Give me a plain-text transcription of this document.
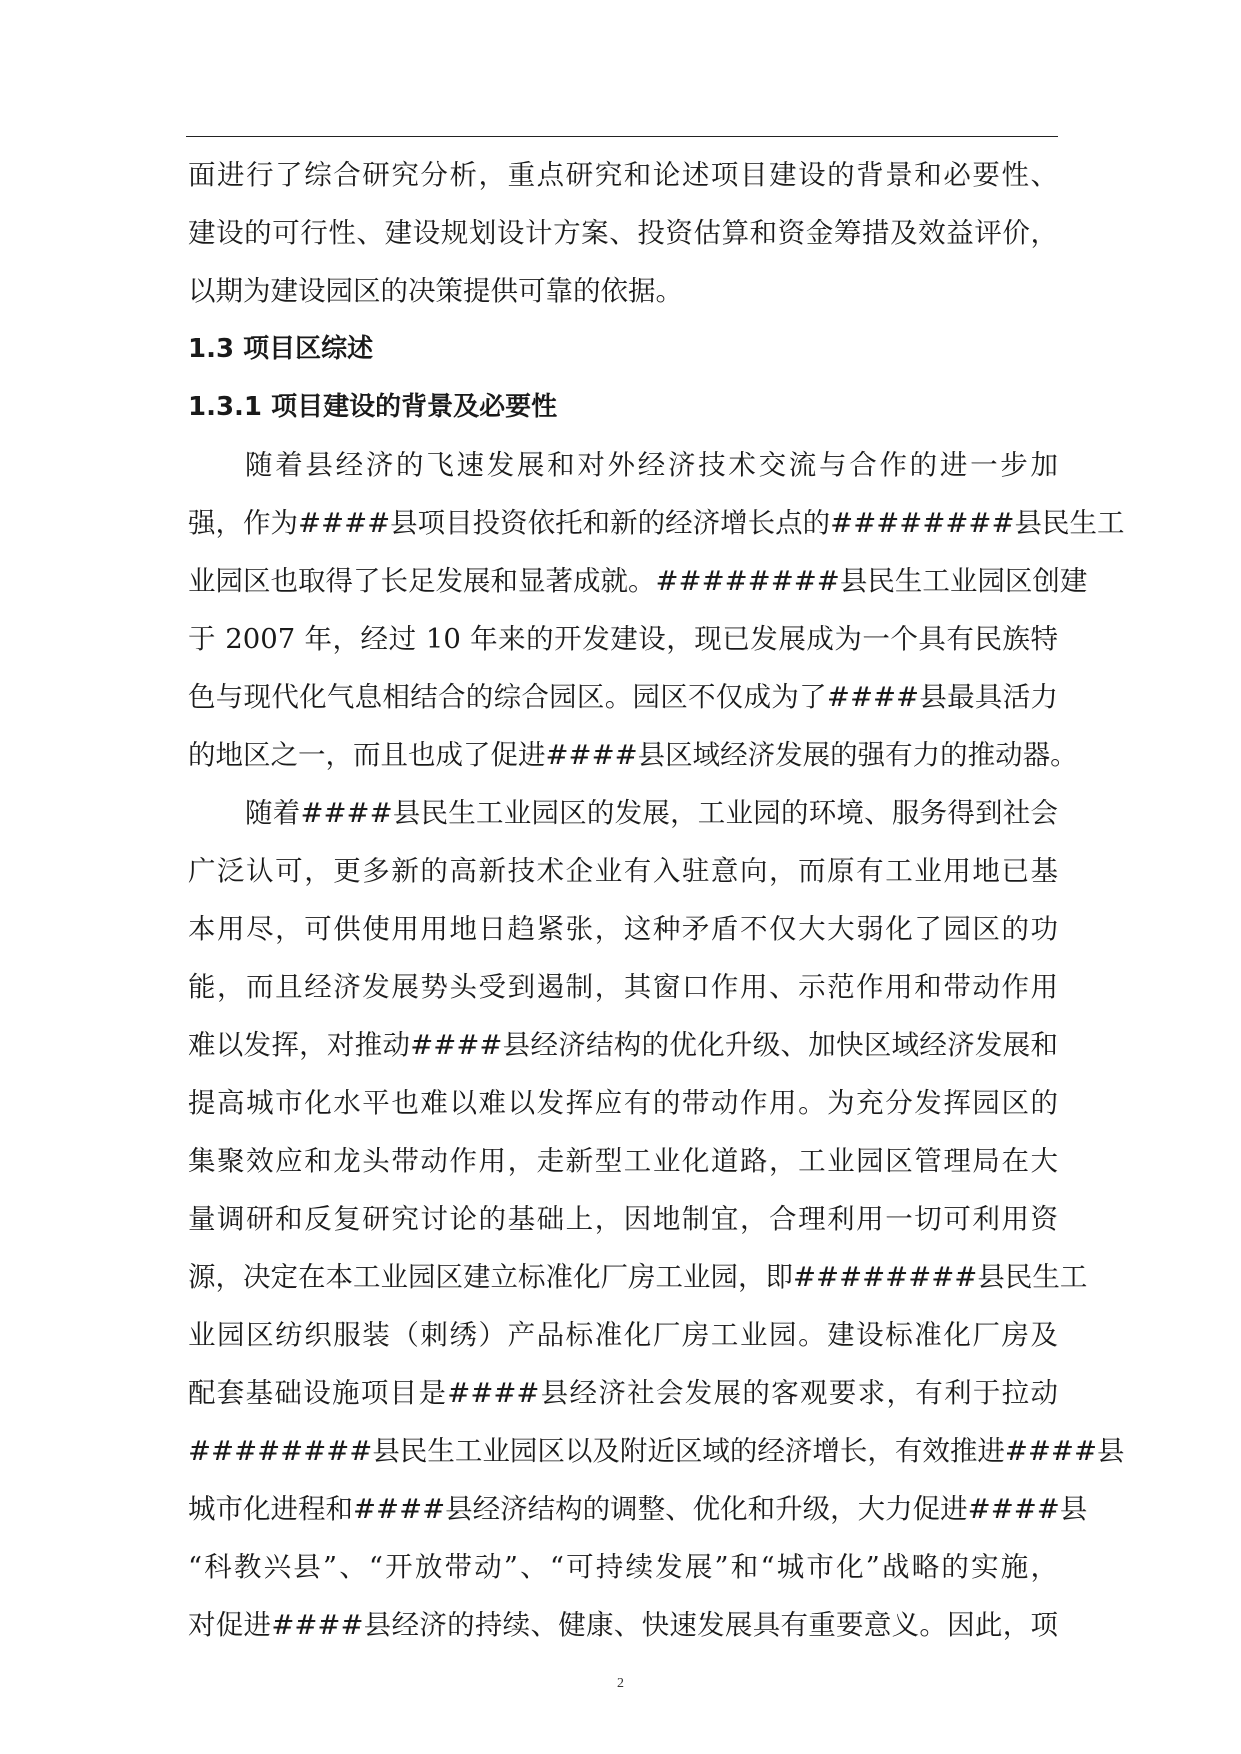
面进行了综合研究分析，重点研究和论述项目建设的背景和必要性、
建设的可行性、建设规划设计方案、投资估算和资金筹措及效益评价，
以期为建设园区的决策提供可靠的依据。
1.3 项目区综述
1.3.1 项目建设的背景及必要性
随着县经济的飞速发展和对外经济技术交流与合作的进一步加
强，作为####县项目投资依托和新的经济增长点的########县民生工
业园区也取得了长足发展和显著成就。########县民生工业园区创建
于 2007 年，经过 10 年来的开发建设，现已发展成为一个具有民族特
色与现代化气息相结合的综合园区。园区不仅成为了####县最具活力
的地区之一，而且也成了促进####县区域经济发展的强有力的推动器。
随着####县民生工业园区的发展，工业园的环境、服务得到社会
广泛认可，更多新的高新技术企业有入驻意向，而原有工业用地已基
本用尽，可供使用用地日趋紧张，这种矛盾不仅大大弱化了园区的功
能，而且经济发展势头受到遏制，其窗口作用、示范作用和带动作用
难以发挥，对推动####县经济结构的优化升级、加快区域经济发展和
提高城市化水平也难以难以发挥应有的带动作用。为充分发挥园区的
集聚效应和龙头带动作用，走新型工业化道路，工业园区管理局在大
量调研和反复研究讨论的基础上，因地制宜，合理利用一切可利用资
源，决定在本工业园区建立标准化厂房工业园，即########县民生工
业园区纺织服装（刺绣）产品标准化厂房工业园。建设标准化厂房及
配套基础设施项目是####县经济社会发展的客观要求，有利于拉动
########县民生工业园区以及附近区域的经济增长，有效推进####县
城市化进程和####县经济结构的调整、优化和升级，大力促进####县
“科教兴县”、“开放带动”、“可持续发展”和“城市化”战略的实施，
对促进####县经济的持续、健康、快速发展具有重要意义。因此，项
2
